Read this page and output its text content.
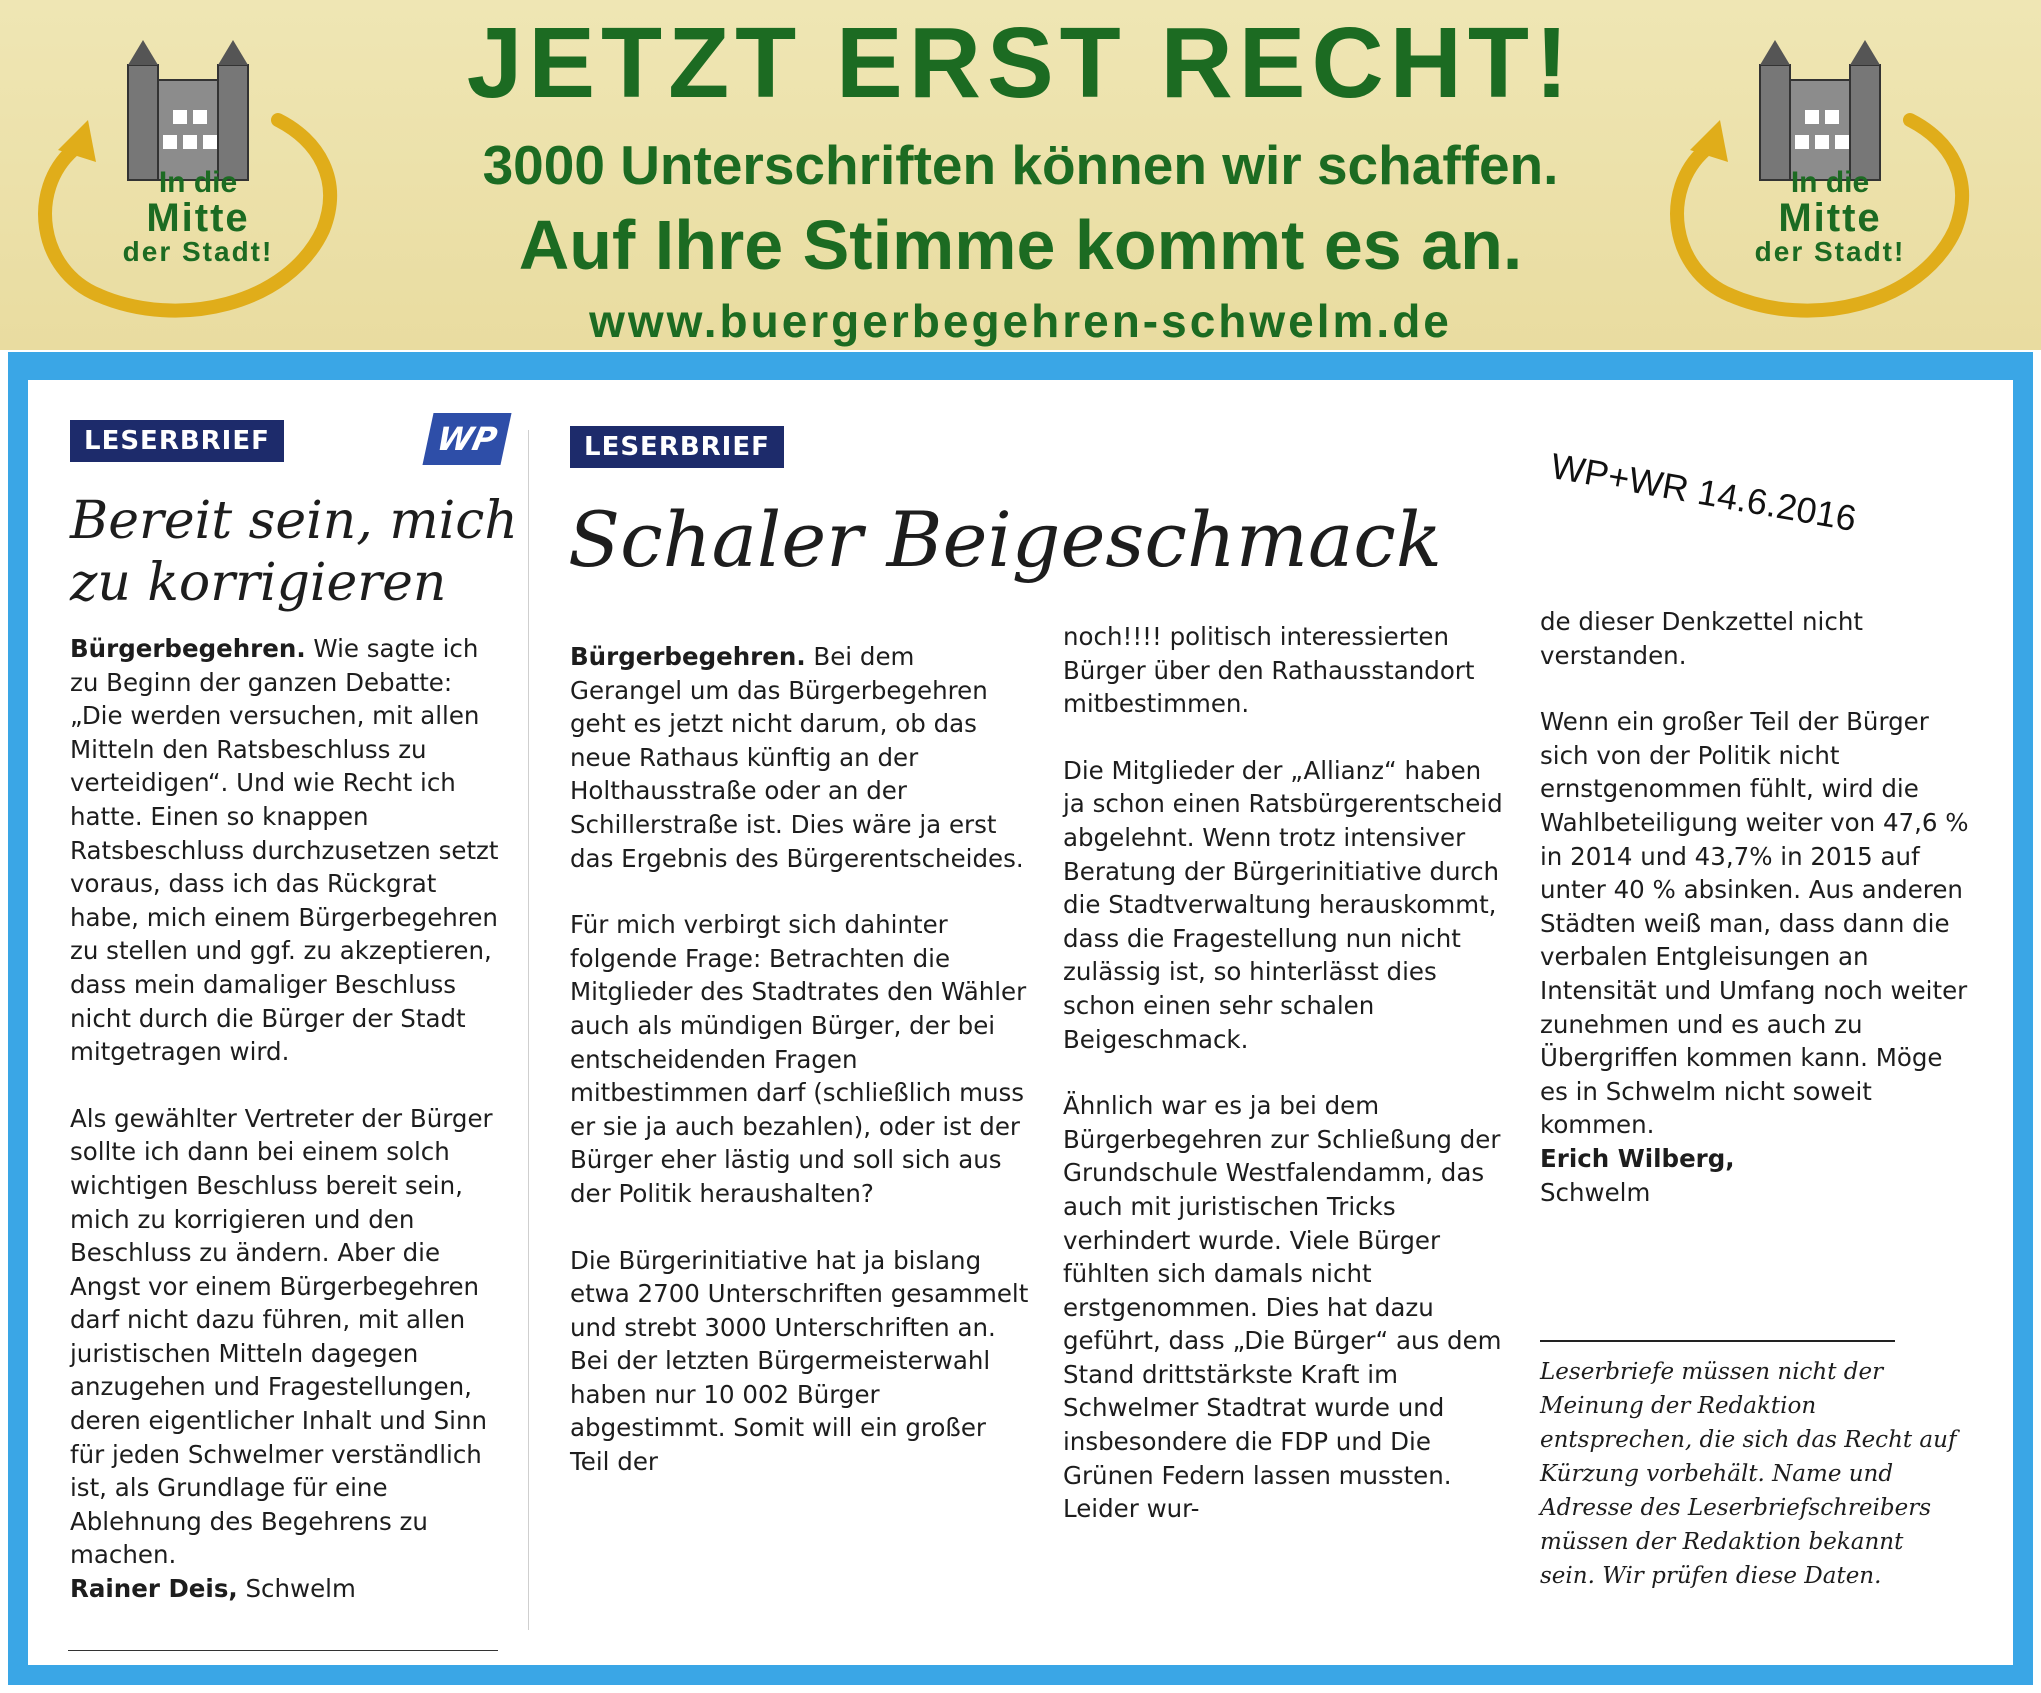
In die
Mitte
der Stadt!
In die
Mitte
der Stadt!
JETZT ERST RECHT!
3000 Unterschriften können wir schaffen.
Auf Ihre Stimme kommt es an.
www.buergerbegehren-schwelm.de
LESERBRIEF	WP
Bereit sein, mich zu korrigieren

Bürgerbegehren. Wie sagte ich zu Beginn der ganzen Debatte: „Die werden versuchen, mit allen Mitteln den Ratsbeschluss zu verteidigen“. Und wie Recht ich hatte. Einen so knappen Ratsbeschluss durchzusetzen setzt voraus, dass ich das Rückgrat habe, mich einem Bürgerbegehren zu stellen und ggf. zu akzeptieren, dass mein damaliger Beschluss nicht durch die Bürger der Stadt mitgetragen wird.

Als gewählter Vertreter der Bürger sollte ich dann bei einem solch wichtigen Beschluss bereit sein, mich zu korrigieren und den Beschluss zu ändern. Aber die Angst vor einem Bürgerbegehren darf nicht dazu führen, mit allen juristischen Mitteln dagegen anzugehen und Fragestellungen, deren eigentlicher Inhalt und Sinn für jeden Schwelmer verständlich ist, als Grundlage für eine Ablehnung des Begehrens zu machen.

Rainer Deis, Schwelm
LESERBRIEF
Schaler Beigeschmack
WP+WR 14.6.2016

Bürgerbegehren. Bei dem Gerangel um das Bürgerbegehren geht es jetzt nicht darum, ob das neue Rathaus künftig an der Holthausstraße oder an der Schillerstraße ist. Dies wäre ja erst das Ergebnis des Bürgerentscheides.

Für mich verbirgt sich dahinter folgende Frage: Betrachten die Mitglieder des Stadtrates den Wähler auch als mündigen Bürger, der bei entscheidenden Fragen mitbestimmen darf (schließlich muss er sie ja auch bezahlen), oder ist der Bürger eher lästig und soll sich aus der Politik heraushalten?

Die Bürgerinitiative hat ja bislang etwa 2700 Unterschriften gesammelt und strebt 3000 Unterschriften an. Bei der letzten Bürgermeisterwahl haben nur 10 002 Bürger abgestimmt. Somit will ein großer Teil der

noch!!!! politisch interessierten Bürger über den Rathausstandort mitbestimmen.

Die Mitglieder der „Allianz“ haben ja schon einen Ratsbürgerentscheid abgelehnt. Wenn trotz intensiver Beratung der Bürgerinitiative durch die Stadtverwaltung herauskommt, dass die Fragestellung nun nicht zulässig ist, so hinterlässt dies schon einen sehr schalen Beigeschmack.

Ähnlich war es ja bei dem Bürgerbegehren zur Schließung der Grundschule Westfalendamm, das auch mit juristischen Tricks verhindert wurde. Viele Bürger fühlten sich damals nicht erstgenommen. Dies hat dazu geführt, dass „Die Bürger“ aus dem Stand drittstärkste Kraft im Schwelmer Stadtrat wurde und insbesondere die FDP und Die Grünen Federn lassen mussten. Leider wur-

de dieser Denkzettel nicht verstanden.

Wenn ein großer Teil der Bürger sich von der Politik nicht ernstgenommen fühlt, wird die Wahlbeteiligung weiter von 47,6 % in 2014 und 43,7% in 2015 auf unter 40 % absinken. Aus anderen Städten weiß man, dass dann die verbalen Entgleisungen an Intensität und Umfang noch weiter zunehmen und es auch zu Übergriffen kommen kann. Möge es in Schwelm nicht soweit kommen.

Erich Wilberg,
Schwelm
Leserbriefe müssen nicht der Meinung der Redaktion entsprechen, die sich das Recht auf Kürzung vorbehält. Name und Adresse des Leserbriefschreibers müssen der Redaktion bekannt sein. Wir prüfen diese Daten.
